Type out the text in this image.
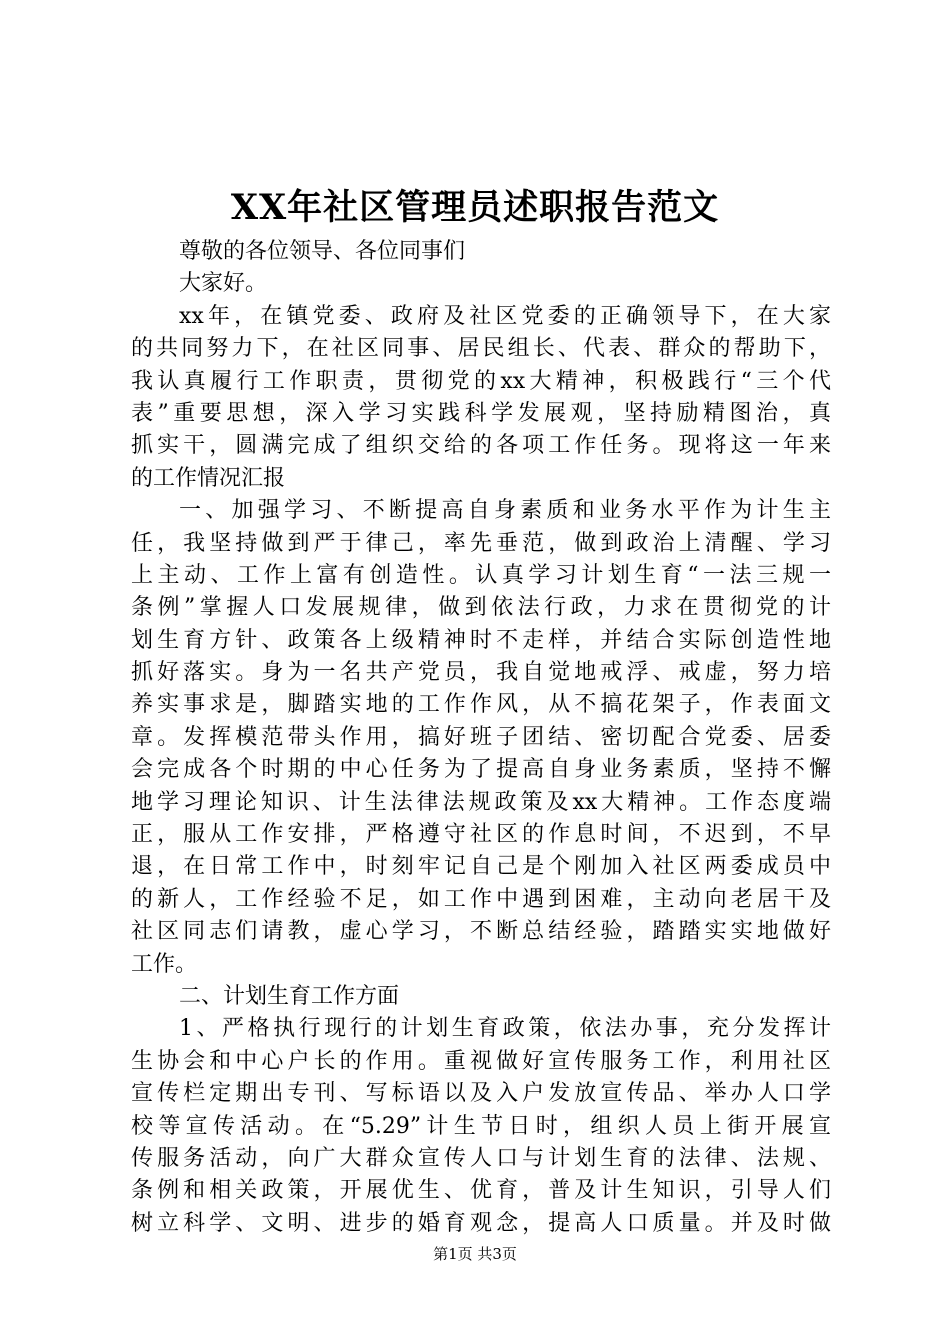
XX年社区管理员述职报告范文
尊敬的各位领导、各位同事们
大家好。
xx年，在镇党委、政府及社区党委的正确领导下，在大家
的共同努力下，在社区同事、居民组长、代表、群众的帮助下，
我认真履行工作职责，贯彻党的xx大精神，积极践行“三个代
表”重要思想，深入学习实践科学发展观，坚持励精图治，真
抓实干，圆满完成了组织交给的各项工作任务。现将这一年来
的工作情况汇报
一、加强学习、不断提高自身素质和业务水平作为计生主
任，我坚持做到严于律己，率先垂范，做到政治上清醒、学习
上主动、工作上富有创造性。认真学习计划生育“一法三规一
条例”掌握人口发展规律，做到依法行政，力求在贯彻党的计
划生育方针、政策各上级精神时不走样，并结合实际创造性地
抓好落实。身为一名共产党员，我自觉地戒浮、戒虚，努力培
养实事求是，脚踏实地的工作作风，从不搞花架子，作表面文
章。发挥模范带头作用，搞好班子团结、密切配合党委、居委
会完成各个时期的中心任务为了提高自身业务素质，坚持不懈
地学习理论知识、计生法律法规政策及xx大精神。工作态度端
正，服从工作安排，严格遵守社区的作息时间，不迟到，不早
退，在日常工作中，时刻牢记自己是个刚加入社区两委成员中
的新人，工作经验不足，如工作中遇到困难，主动向老居干及
社区同志们请教，虚心学习，不断总结经验，踏踏实实地做好
工作。
二、计划生育工作方面
1、严格执行现行的计划生育政策，依法办事，充分发挥计
生协会和中心户长的作用。重视做好宣传服务工作，利用社区
宣传栏定期出专刊、写标语以及入户发放宣传品、举办人口学
校等宣传活动。在“5.29”计生节日时，组织人员上街开展宣
传服务活动，向广大群众宣传人口与计划生育的法律、法规、
条例和相关政策，开展优生、优育，普及计生知识，引导人们
树立科学、文明、进步的婚育观念，提高人口质量。并及时做
第1页 共3页
